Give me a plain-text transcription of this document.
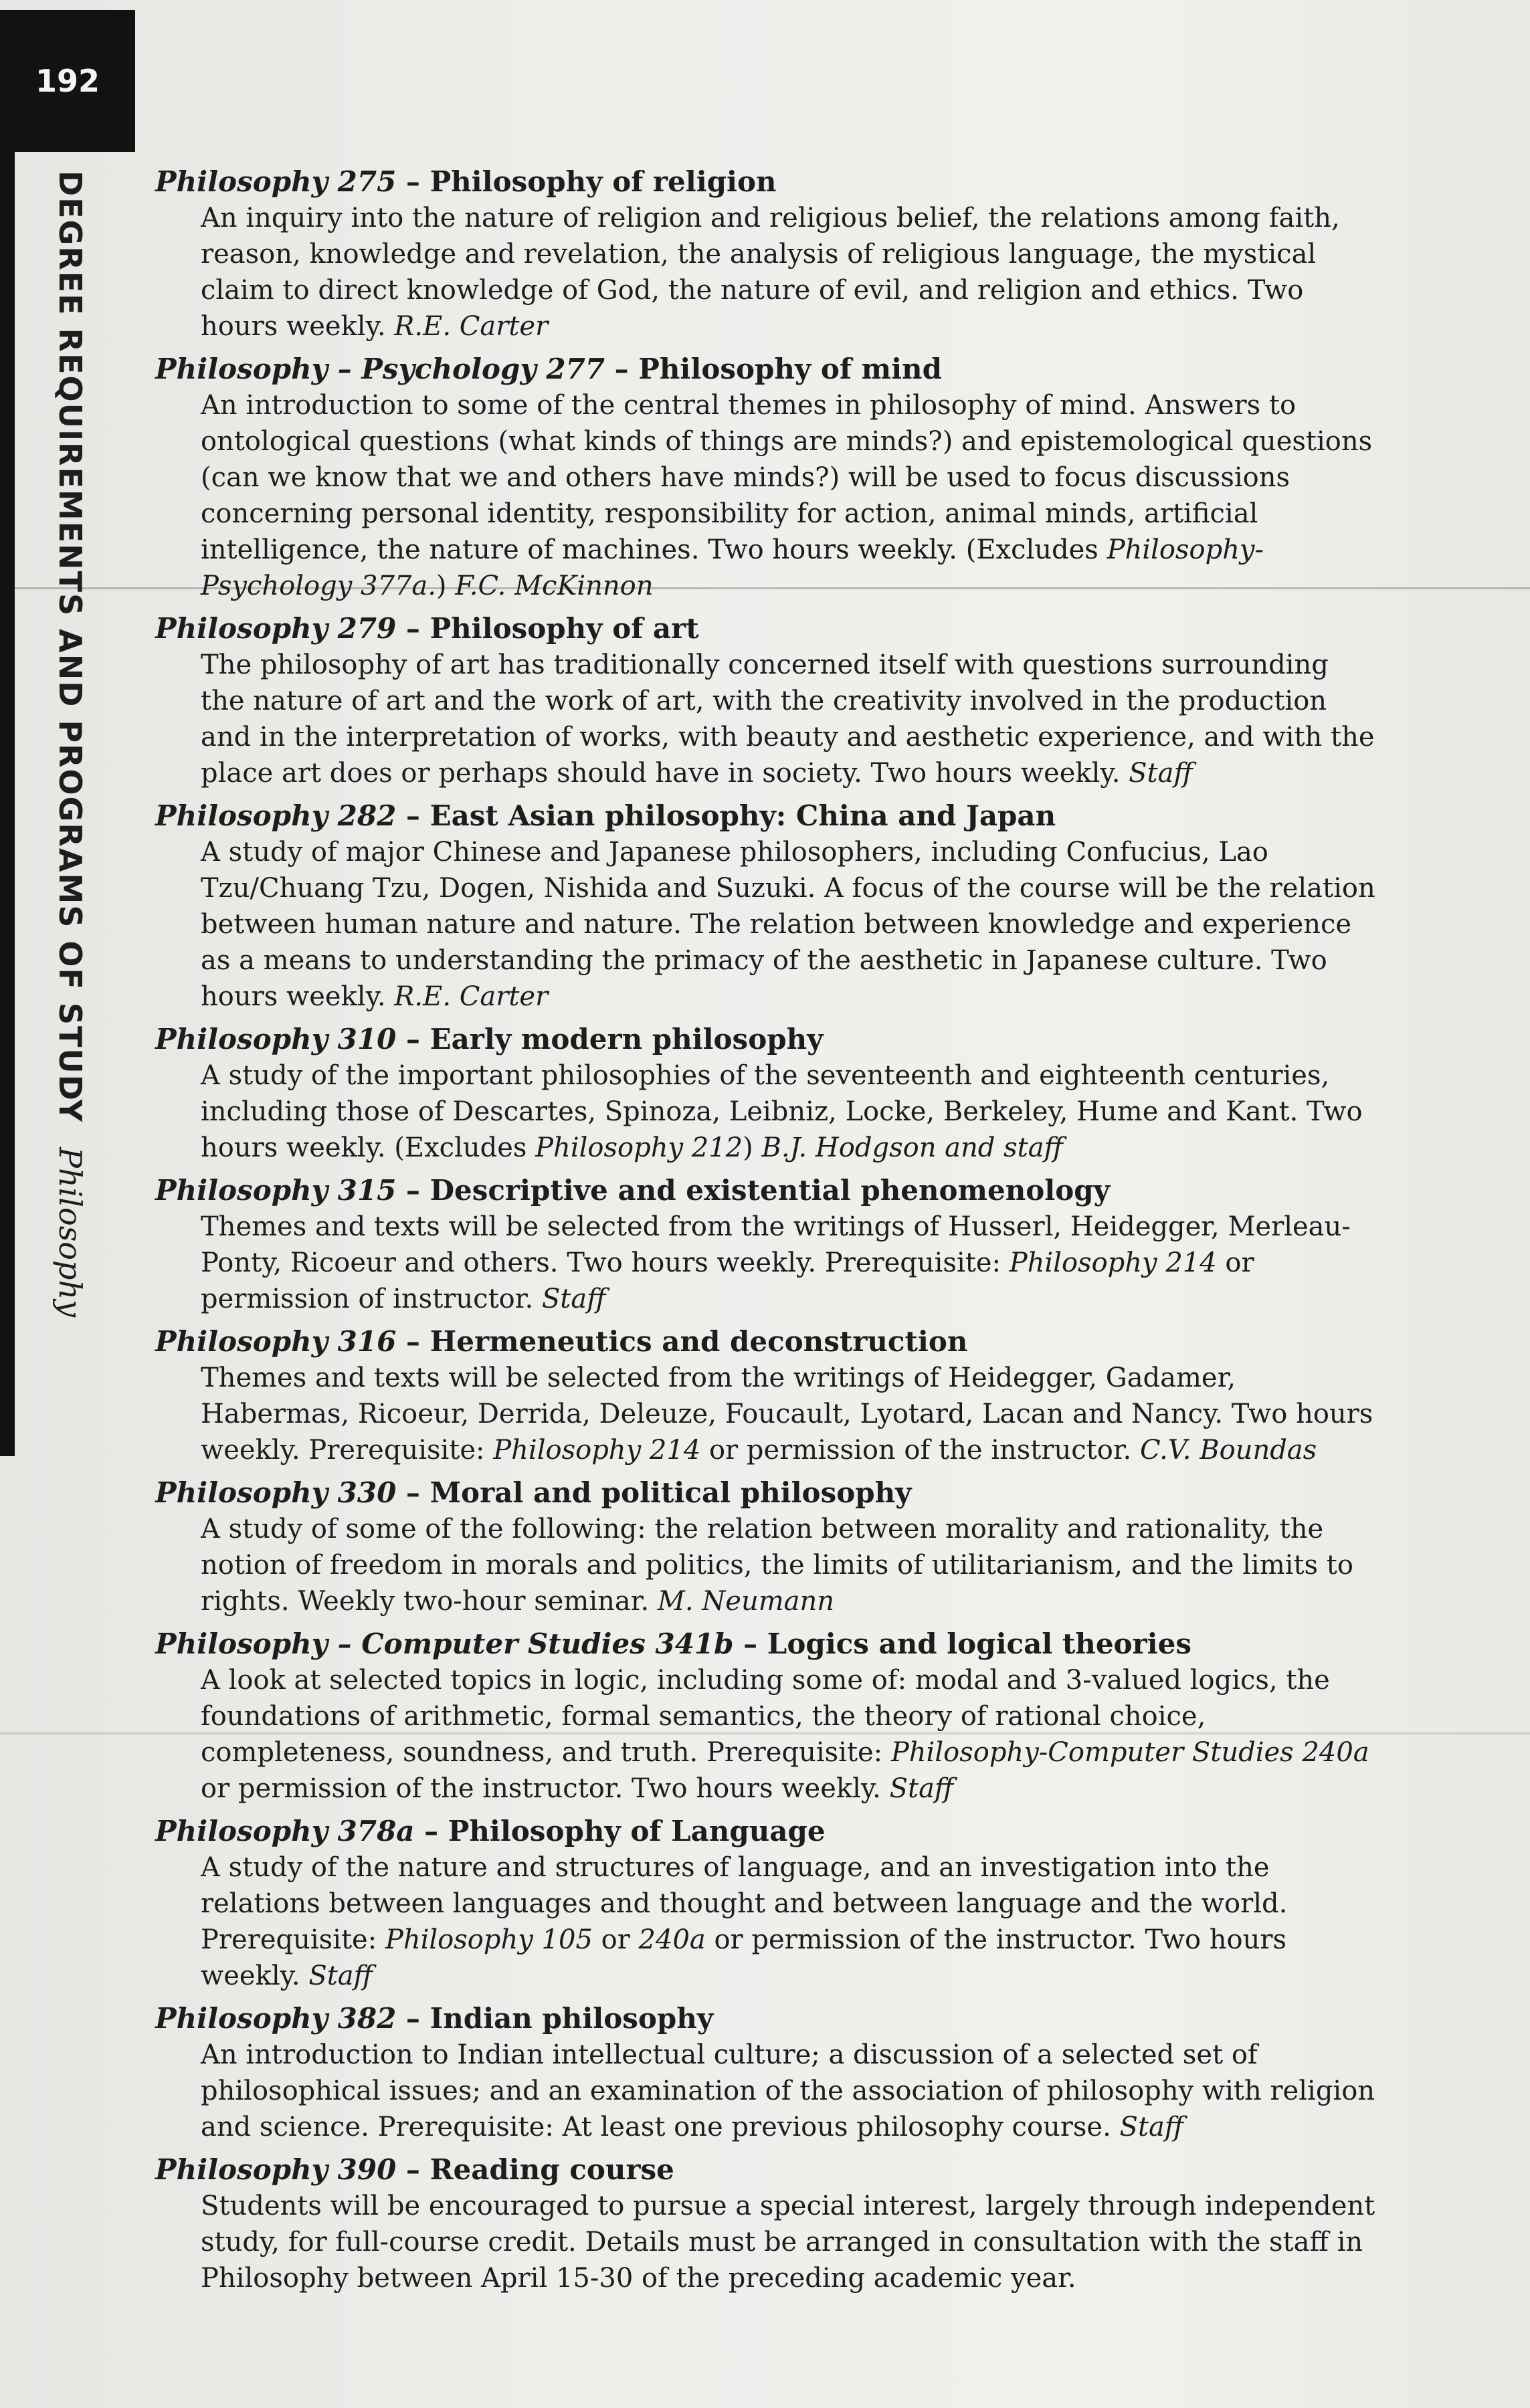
192
DEGREE REQUIREMENTS AND PROGRAMS OF STUDYPhilosophy
Philosophy 275 – Philosophy of religion
An inquiry into the nature of religion and religious belief, the relations among faith, reason, knowledge and revelation, the analysis of religious language, the mystical claim to direct knowledge of God, the nature of evil, and religion and ethics. Two hours weekly. R.E. Carter
Philosophy – Psychology 277 – Philosophy of mind
An introduction to some of the central themes in philosophy of mind. Answers to ontological questions (what kinds of things are minds?) and epistemological questions (can we know that we and others have minds?) will be used to focus discussions concerning personal identity, responsibility for action, animal minds, artificial intelligence, the nature of machines. Two hours weekly. (Excludes Philosophy-Psychology 377a.) F.C. McKinnon
Philosophy 279 – Philosophy of art
The philosophy of art has traditionally concerned itself with questions surrounding the nature of art and the work of art, with the creativity involved in the production and in the interpretation of works, with beauty and aesthetic experience, and with the place art does or perhaps should have in society. Two hours weekly. Staff
Philosophy 282 – East Asian philosophy: China and Japan
A study of major Chinese and Japanese philosophers, including Confucius, Lao Tzu/Chuang Tzu, Dogen, Nishida and Suzuki. A focus of the course will be the relation between human nature and nature. The relation between knowledge and experience as a means to understanding the primacy of the aesthetic in Japanese culture. Two hours weekly. R.E. Carter
Philosophy 310 – Early modern philosophy
A study of the important philosophies of the seventeenth and eighteenth centuries, including those of Descartes, Spinoza, Leibniz, Locke, Berkeley, Hume and Kant. Two hours weekly. (Excludes Philosophy 212) B.J. Hodgson and staff
Philosophy 315 – Descriptive and existential phenomenology
Themes and texts will be selected from the writings of Husserl, Heidegger, Merleau-Ponty, Ricoeur and others. Two hours weekly. Prerequisite: Philosophy 214 or permission of instructor. Staff
Philosophy 316 – Hermeneutics and deconstruction
Themes and texts will be selected from the writings of Heidegger, Gadamer, Habermas, Ricoeur, Derrida, Deleuze, Foucault, Lyotard, Lacan and Nancy. Two hours weekly. Prerequisite: Philosophy 214 or permission of the instructor. C.V. Boundas
Philosophy 330 – Moral and political philosophy
A study of some of the following: the relation between morality and rationality, the notion of freedom in morals and politics, the limits of utilitarianism, and the limits to rights. Weekly two-hour seminar. M. Neumann
Philosophy – Computer Studies 341b – Logics and logical theories
A look at selected topics in logic, including some of: modal and 3-valued logics, the foundations of arithmetic, formal semantics, the theory of rational choice, completeness, soundness, and truth. Prerequisite: Philosophy-Computer Studies 240a or permission of the instructor. Two hours weekly. Staff
Philosophy 378a – Philosophy of Language
A study of the nature and structures of language, and an investigation into the relations between languages and thought and between language and the world. Prerequisite: Philosophy 105 or 240a or permission of the instructor. Two hours weekly. Staff
Philosophy 382 – Indian philosophy
An introduction to Indian intellectual culture; a discussion of a selected set of philosophical issues; and an examination of the association of philosophy with religion and science. Prerequisite: At least one previous philosophy course. Staff
Philosophy 390 – Reading course
Students will be encouraged to pursue a special interest, largely through independent study, for full-course credit. Details must be arranged in consultation with the staff in Philosophy between April 15-30 of the preceding academic year.
